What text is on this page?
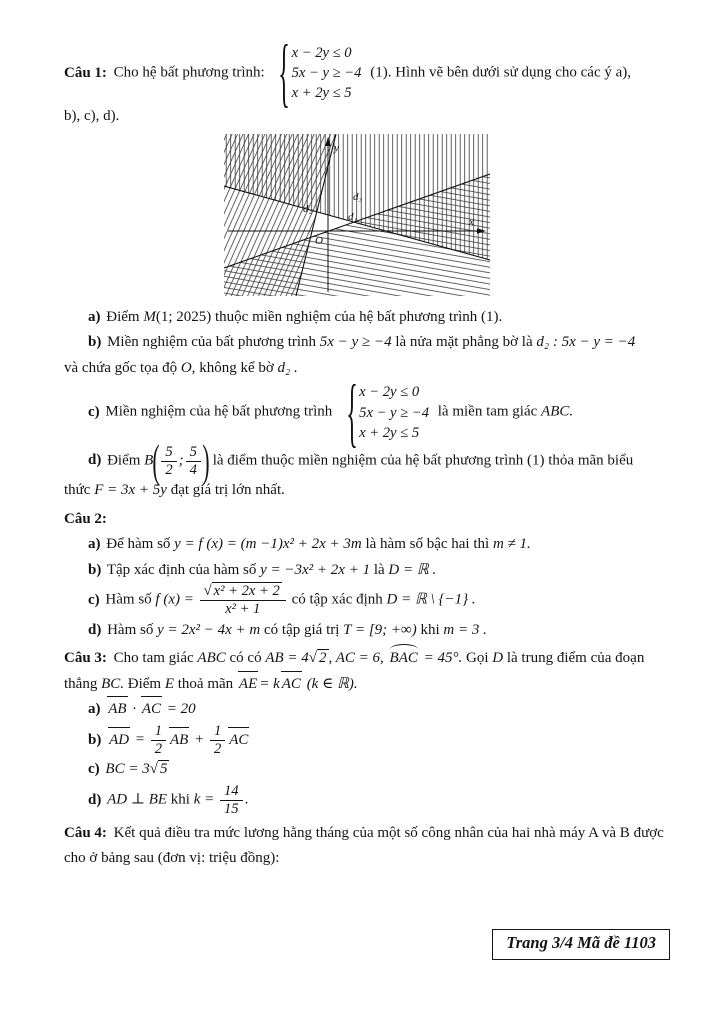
Câu 1: Cho hệ bất phương trình: { x − 2y ≤ 0
5x − y ≥ −4
x + 2y ≤ 5
(1). Hình vẽ bên dưới sử dụng cho các ý a),
b), c), d).
y
x
O
d₂
d₃
d₁
a) Điểm M(1; 2025) thuộc miền nghiệm của hệ bất phương trình (1).
b) Miền nghiệm của bất phương trình 5x − y ≥ −4 là nửa mặt phẳng bờ là d₂ : 5x − y = −4
và chứa gốc tọa độ O, không kể bờ d₂ .
c) Miền nghiệm của hệ bất phương trình { x − 2y ≤ 0
5x − y ≥ −4
x + 2y ≤ 5
là miền tam giác ABC.
d) Điểm $B( \frac{5}{2}$ ; $\frac{5}{4}$ ) là điểm thuộc miền nghiệm của hệ bất phương trình (1) thỏa mãn biểu
thức F = 3x + 5y đạt giá trị lớn nhất.
Câu 2:
a) Để hàm số y = f (x) = (m −1)x² + 2x + 3m là hàm số bậc hai thì m ≠ 1.
b) Tập xác định của hàm số y = −3x² + 2x + 1 là D = ℝ .
c) Hàm số f $(x) = \frac{\text{√ x² + 2x + 2}}{\text{x² + 1}}$ có tập xác định D = ℝ \ {−1} .
d) Hàm số y = 2x² − 4x + m có tập giá trị T = [9; +∞) khi m = 3 .
Câu 3: Cho tam giác ABC có có AB = 4√ 2 , AC = 6, BAC = 45°. Gọi D là trung điểm của đoạn
thẳng BC. Điểm E thoả mãn AE = k AC (k ∈ ℝ).
a) AB · AC = 20
b) AD = $\frac{1}{2}$ AB + $\frac{1}{2}$ AC
c) BC = 3√ 5
d) AD ⊥ BE khi $k = \frac{14}{15}$ .
Câu 4: Kết quả điều tra mức lương hằng tháng của một số công nhân của hai nhà máy A và B được
cho ở bảng sau (đơn vị: triệu đồng):
Trang 3/4 Mã đề 1103
